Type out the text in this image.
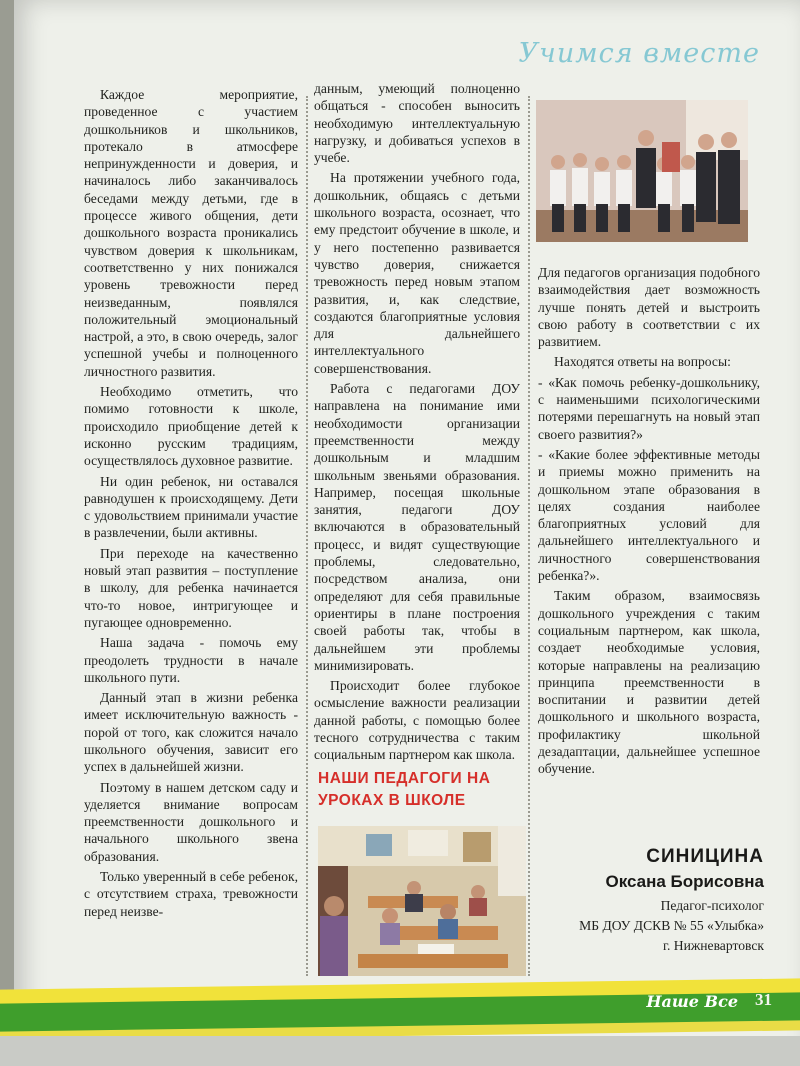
Учимся вместе

Каждое мероприятие, проведенное с участием дошкольников и школьников, протекало в атмосфере непринужденности и доверия, и начиналось либо заканчивалось беседами между детьми, где в процессе живого общения, дети дошкольного возраста проникались чувством доверия к школьникам, соответственно у них понижался уровень тревожности перед неизведанным, появлялся положительный эмоциональный настрой, а это, в свою очередь, залог успешной учебы и полноценного личностного развития.

Необходимо отметить, что помимо готовности к школе, происходило приобщение детей к исконно русским традициям, осуществлялось духовное развитие.

Ни один ребенок, ни оставался равнодушен к происходящему. Дети с удовольствием принимали участие в развлечении, были активны.

При переходе на качественно новый этап развития – поступление в школу, для ребенка начинается что-то новое, интригующее и пугающее одновременно.

Наша задача - помочь ему преодолеть трудности в начале школьного пути.

Данный этап в жизни ребенка имеет исключительную важность - порой от того, как сложится начало школьного обучения, зависит его успех в дальнейшей жизни.

Поэтому в нашем детском саду и уделяется внимание вопросам преемственности дошкольного и начального школьного звена образования.

Только уверенный в себе ребенок, с отсутствием страха, тревожности перед неизве-

данным, умеющий полноценно общаться - способен выносить необходимую интеллектуальную нагрузку, и добиваться успехов в учебе.

На протяжении учебного года, дошкольник, общаясь с детьми школьного возраста, осознает, что ему предстоит обучение в школе, и у него постепенно развивается чувство доверия, снижается тревожность перед новым этапом развития, и, как следствие, создаются благоприятные условия для дальнейшего интеллектуального совершенствования.

Работа с педагогами ДОУ направлена на понимание ими необходимости организации преемственности между дошкольным и младшим школьным звеньями образования. Например, посещая школьные занятия, педагоги ДОУ включаются в образовательный процесс, и видят существующие проблемы, следовательно, посредством анализа, они определяют для себя правильные ориентиры в плане построения своей работы так, чтобы в дальнейшем эти проблемы минимизировать.

Происходит более глубокое осмысление важности реализации данной работы, с помощью более тесного сотрудничества с таким социальным партнером как школа.

НАШИ ПЕДАГОГИ НА УРОКАХ В ШКОЛЕ

Для педагогов организация подобного взаимодействия дает возможность лучше понять детей и выстроить свою работу в соответствии с их развитием.

Находятся ответы на вопросы:

- «Как помочь ребенку-дошкольнику, с наименьшими психологическими потерями перешагнуть на новый этап своего развития?»

- «Какие более эффективные методы и приемы можно применить на дошкольном этапе образования в целях создания наиболее благоприятных условий для дальнейшего интеллектуального и личностного совершенствования ребенка?».

Таким образом, взаимосвязь дошкольного учреждения с таким социальным партнером, как школа, создает необходимые условия, которые направлены на реализацию принципа преемственности в воспитании и развитии детей дошкольного и школьного возраста, профилактику школьной дезадаптации, дальнейшее успешное обучение.

СИНИЦИНА
Оксана Борисовна
Педагог-психолог
МБ ДОУ ДСКВ № 55 «Улыбка»
г. Нижневартовск
Наше Все 31
